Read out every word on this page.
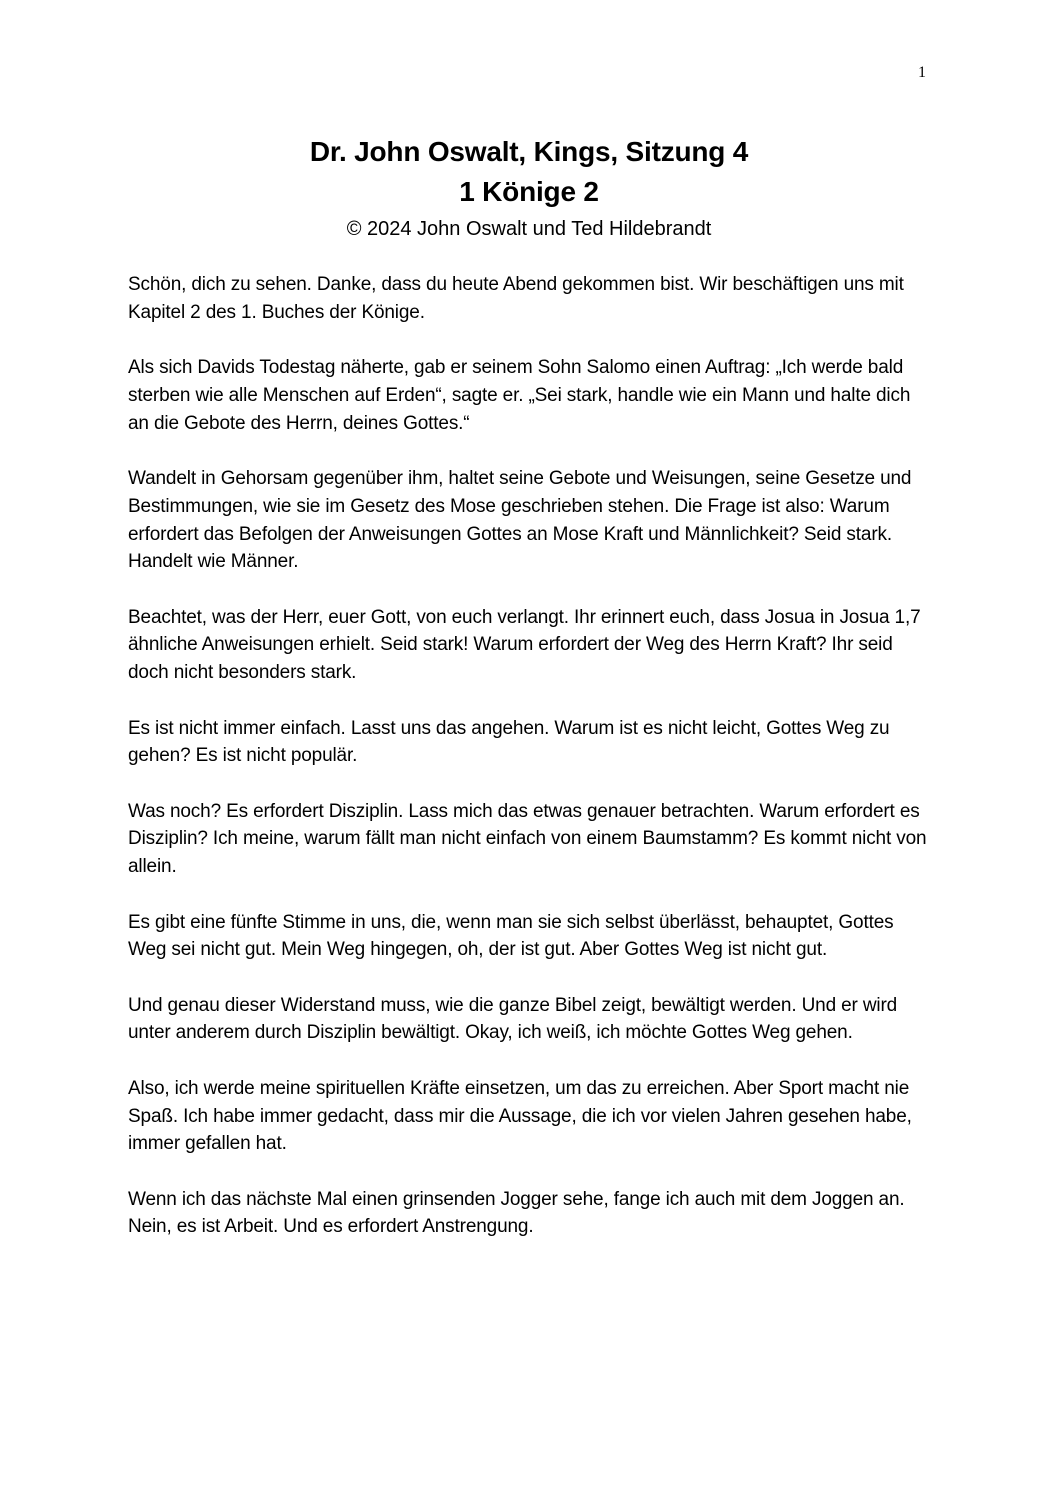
1
Dr. John Oswalt, Kings, Sitzung 4
1 Könige 2
© 2024 John Oswalt und Ted Hildebrandt

Schön, dich zu sehen. Danke, dass du heute Abend gekommen bist. Wir beschäftigen uns mit Kapitel 2 des 1. Buches der Könige.

Als sich Davids Todestag näherte, gab er seinem Sohn Salomo einen Auftrag: „Ich werde bald sterben wie alle Menschen auf Erden“, sagte er. „Sei stark, handle wie ein Mann und halte dich an die Gebote des Herrn, deines Gottes.“

Wandelt in Gehorsam gegenüber ihm, haltet seine Gebote und Weisungen, seine Gesetze und Bestimmungen, wie sie im Gesetz des Mose geschrieben stehen. Die Frage ist also: Warum erfordert das Befolgen der Anweisungen Gottes an Mose Kraft und Männlichkeit? Seid stark. Handelt wie Männer.

Beachtet, was der Herr, euer Gott, von euch verlangt. Ihr erinnert euch, dass Josua in Josua 1,7 ähnliche Anweisungen erhielt. Seid stark! Warum erfordert der Weg des Herrn Kraft? Ihr seid doch nicht besonders stark.

Es ist nicht immer einfach. Lasst uns das angehen. Warum ist es nicht leicht, Gottes Weg zu gehen? Es ist nicht populär.

Was noch? Es erfordert Disziplin. Lass mich das etwas genauer betrachten. Warum erfordert es Disziplin? Ich meine, warum fällt man nicht einfach von einem Baumstamm? Es kommt nicht von allein.

Es gibt eine fünfte Stimme in uns, die, wenn man sie sich selbst überlässt, behauptet, Gottes Weg sei nicht gut. Mein Weg hingegen, oh, der ist gut. Aber Gottes Weg ist nicht gut.

Und genau dieser Widerstand muss, wie die ganze Bibel zeigt, bewältigt werden. Und er wird unter anderem durch Disziplin bewältigt. Okay, ich weiß, ich möchte Gottes Weg gehen.

Also, ich werde meine spirituellen Kräfte einsetzen, um das zu erreichen. Aber Sport macht nie Spaß. Ich habe immer gedacht, dass mir die Aussage, die ich vor vielen Jahren gesehen habe, immer gefallen hat.

Wenn ich das nächste Mal einen grinsenden Jogger sehe, fange ich auch mit dem Joggen an. Nein, es ist Arbeit. Und es erfordert Anstrengung.
